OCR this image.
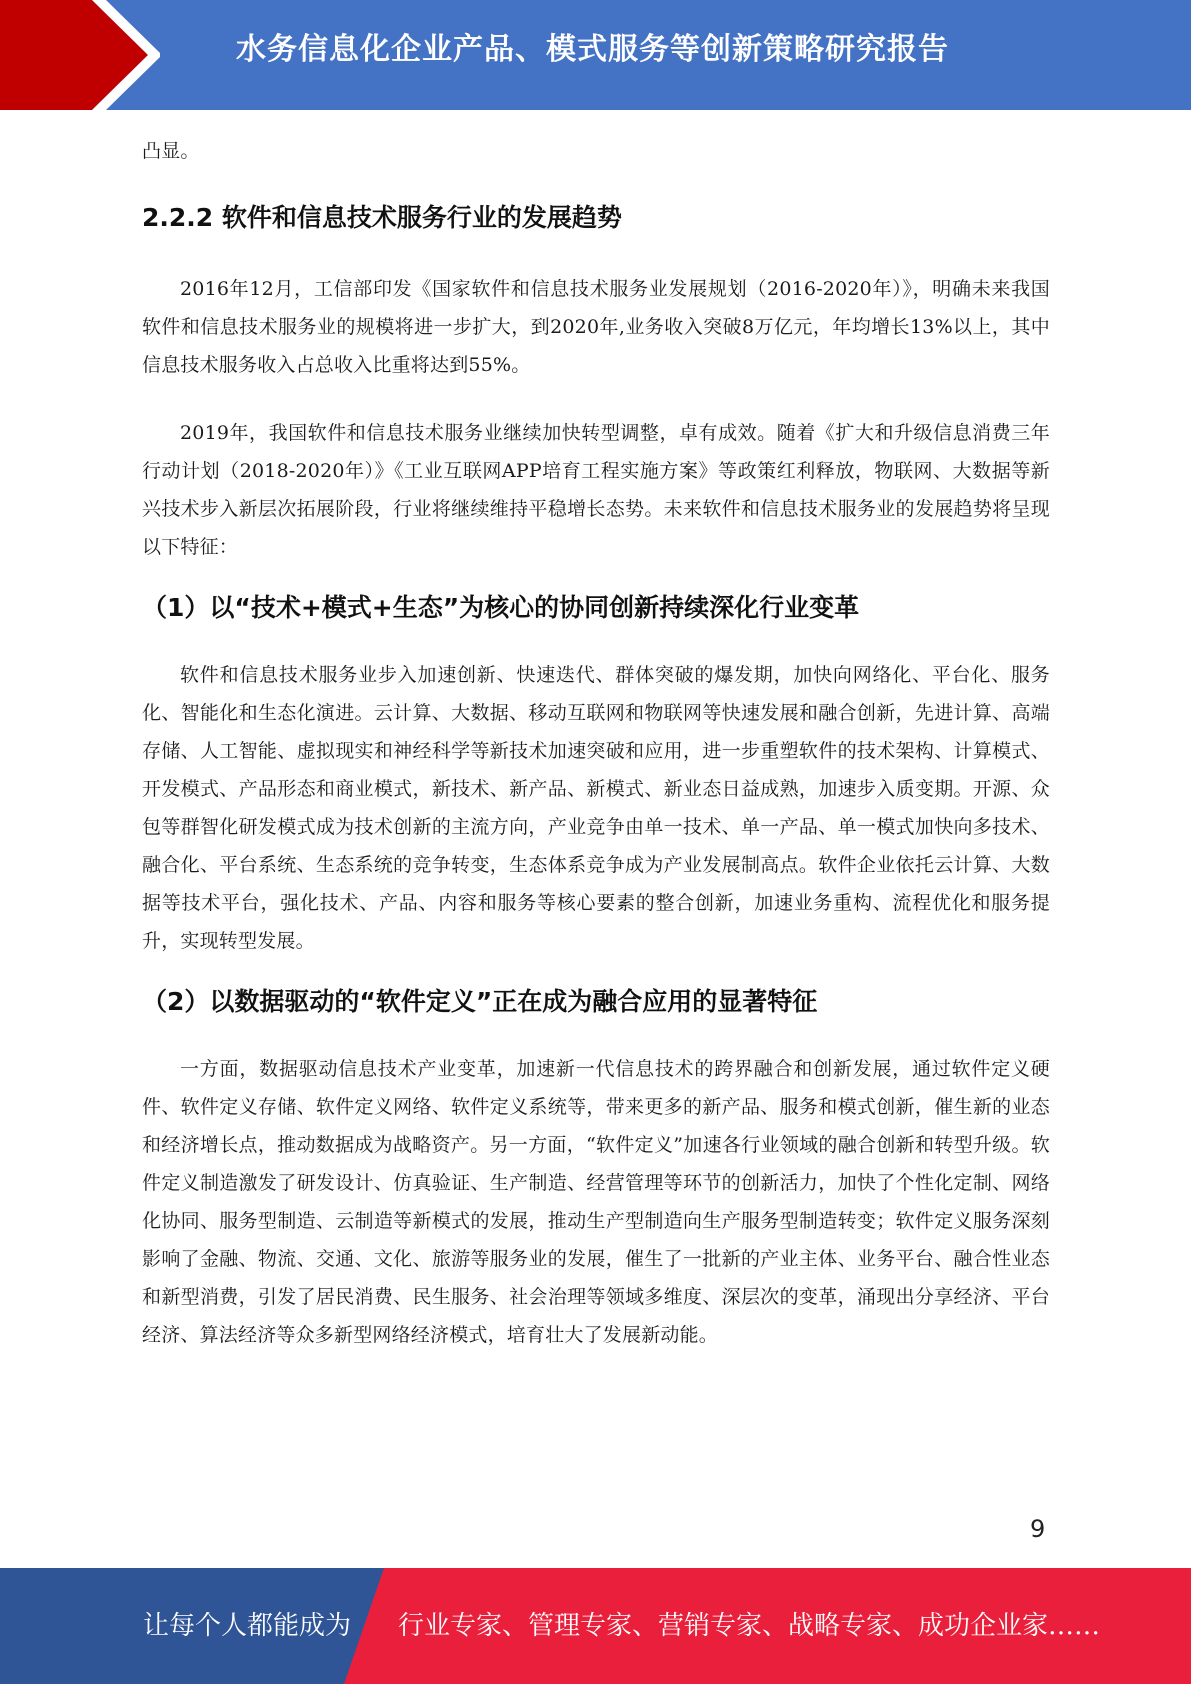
水务信息化企业产品、模式服务等创新策略研究报告

凸显。

2.2.2 软件和信息技术服务行业的发展趋势

2016年12月，工信部印发《国家软件和信息技术服务业发展规划（2016-2020年）》，明确未来我国软件和信息技术服务业的规模将进一步扩大，到2020年,业务收入突破8万亿元，年均增长13%以上，其中信息技术服务收入占总收入比重将达到55%。

2019年，我国软件和信息技术服务业继续加快转型调整，卓有成效。随着《扩大和升级信息消费三年行动计划（2018-2020年）》《工业互联网APP培育工程实施方案》等政策红利释放，物联网、大数据等新兴技术步入新层次拓展阶段，行业将继续维持平稳增长态势。未来软件和信息技术服务业的发展趋势将呈现以下特征：

（1）以“技术+模式+生态”为核心的协同创新持续深化行业变革

软件和信息技术服务业步入加速创新、快速迭代、群体突破的爆发期，加快向网络化、平台化、服务化、智能化和生态化演进。云计算、大数据、移动互联网和物联网等快速发展和融合创新，先进计算、高端存储、人工智能、虚拟现实和神经科学等新技术加速突破和应用，进一步重塑软件的技术架构、计算模式、开发模式、产品形态和商业模式，新技术、新产品、新模式、新业态日益成熟，加速步入质变期。开源、众包等群智化研发模式成为技术创新的主流方向，产业竞争由单一技术、单一产品、单一模式加快向多技术、融合化、平台系统、生态系统的竞争转变，生态体系竞争成为产业发展制高点。软件企业依托云计算、大数据等技术平台，强化技术、产品、内容和服务等核心要素的整合创新，加速业务重构、流程优化和服务提升，实现转型发展。

（2）以数据驱动的“软件定义”正在成为融合应用的显著特征

一方面，数据驱动信息技术产业变革，加速新一代信息技术的跨界融合和创新发展，通过软件定义硬件、软件定义存储、软件定义网络、软件定义系统等，带来更多的新产品、服务和模式创新，催生新的业态和经济增长点，推动数据成为战略资产。另一方面，“软件定义”加速各行业领域的融合创新和转型升级。软件定义制造激发了研发设计、仿真验证、生产制造、经营管理等环节的创新活力，加快了个性化定制、网络化协同、服务型制造、云制造等新模式的发展，推动生产型制造向生产服务型制造转变；软件定义服务深刻影响了金融、物流、交通、文化、旅游等服务业的发展，催生了一批新的产业主体、业务平台、融合性业态和新型消费，引发了居民消费、民生服务、社会治理等领域多维度、深层次的变革，涌现出分享经济、平台经济、算法经济等众多新型网络经济模式，培育壮大了发展新动能。

9
让每个人都能成为 行业专家、管理专家、营销专家、战略专家、成功企业家……
